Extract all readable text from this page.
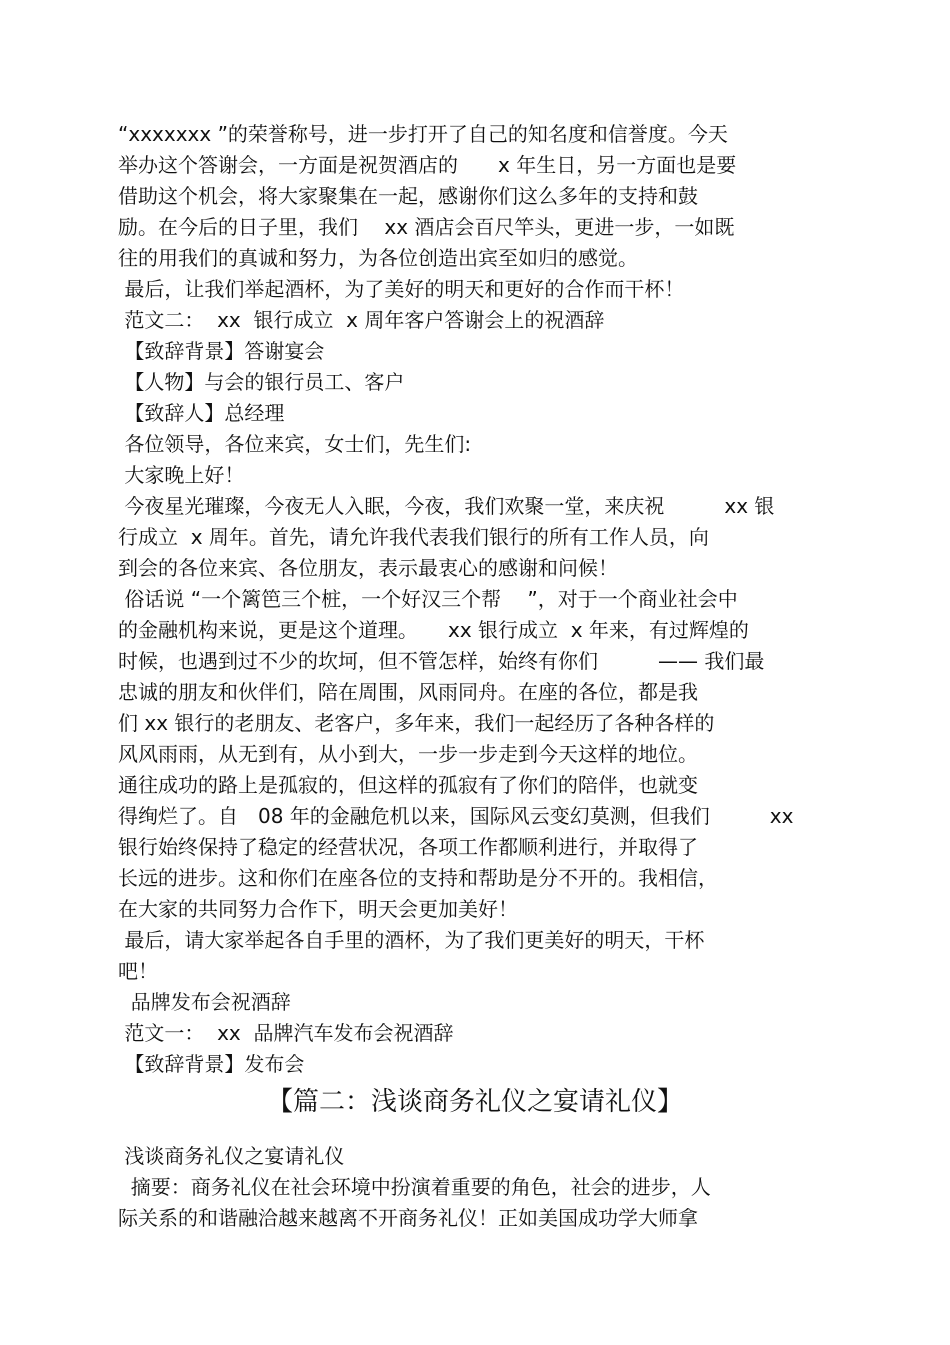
“xxxxxxx ”的荣誉称号，进一步打开了自己的知名度和信誉度。今天
举办这个答谢会，一方面是祝贺酒店的　　x 年生日，另一方面也是要
借助这个机会，将大家聚集在一起，感谢你们这么多年的支持和鼓
励。在今后的日子里，我们　 xx 酒店会百尺竿头，更进一步，一如既
往的用我们的真诚和努力，为各位创造出宾至如归的感觉。
最后，让我们举起酒杯，为了美好的明天和更好的合作而干杯！
范文二：  xx  银行成立  x 周年客户答谢会上的祝酒辞
【致辞背景】答谢宴会
【人物】与会的银行员工、客户
【致辞人】总经理
各位领导，各位来宾，女士们，先生们:
大家晚上好！
今夜星光璀璨，今夜无人入眠，今夜，我们欢聚一堂，来庆祝　　　xx 银
行成立  x 周年。首先，请允许我代表我们银行的所有工作人员，向
到会的各位来宾、各位朋友，表示最衷心的感谢和问候！
俗话说 “一个篱笆三个桩，一个好汉三个帮　 ”，对于一个商业社会中
的金融机构来说，更是这个道理。　　xx 银行成立  x 年来，有过辉煌的
时候，也遇到过不少的坎坷，但不管怎样，始终有你们　　　—— 我们最
忠诚的朋友和伙伴们，陪在周围，风雨同舟。在座的各位，都是我
们 xx 银行的老朋友、老客户，多年来，我们一起经历了各种各样的
风风雨雨，从无到有，从小到大，一步一步走到今天这样的地位。
通往成功的路上是孤寂的，但这样的孤寂有了你们的陪伴，也就变
得绚烂了。自　08 年的金融危机以来，国际风云变幻莫测，但我们　　　xx
银行始终保持了稳定的经营状况，各项工作都顺利进行，并取得了
长远的进步。这和你们在座各位的支持和帮助是分不开的。我相信，
在大家的共同努力合作下，明天会更加美好！
最后，请大家举起各自手里的酒杯，为了我们更美好的明天，干杯
吧！
品牌发布会祝酒辞
范文一：  xx  品牌汽车发布会祝酒辞
【致辞背景】发布会
【篇二：浅谈商务礼仪之宴请礼仪】
浅谈商务礼仪之宴请礼仪
摘要：商务礼仪在社会环境中扮演着重要的角色，社会的进步，人
际关系的和谐融洽越来越离不开商务礼仪！正如美国成功学大师拿
